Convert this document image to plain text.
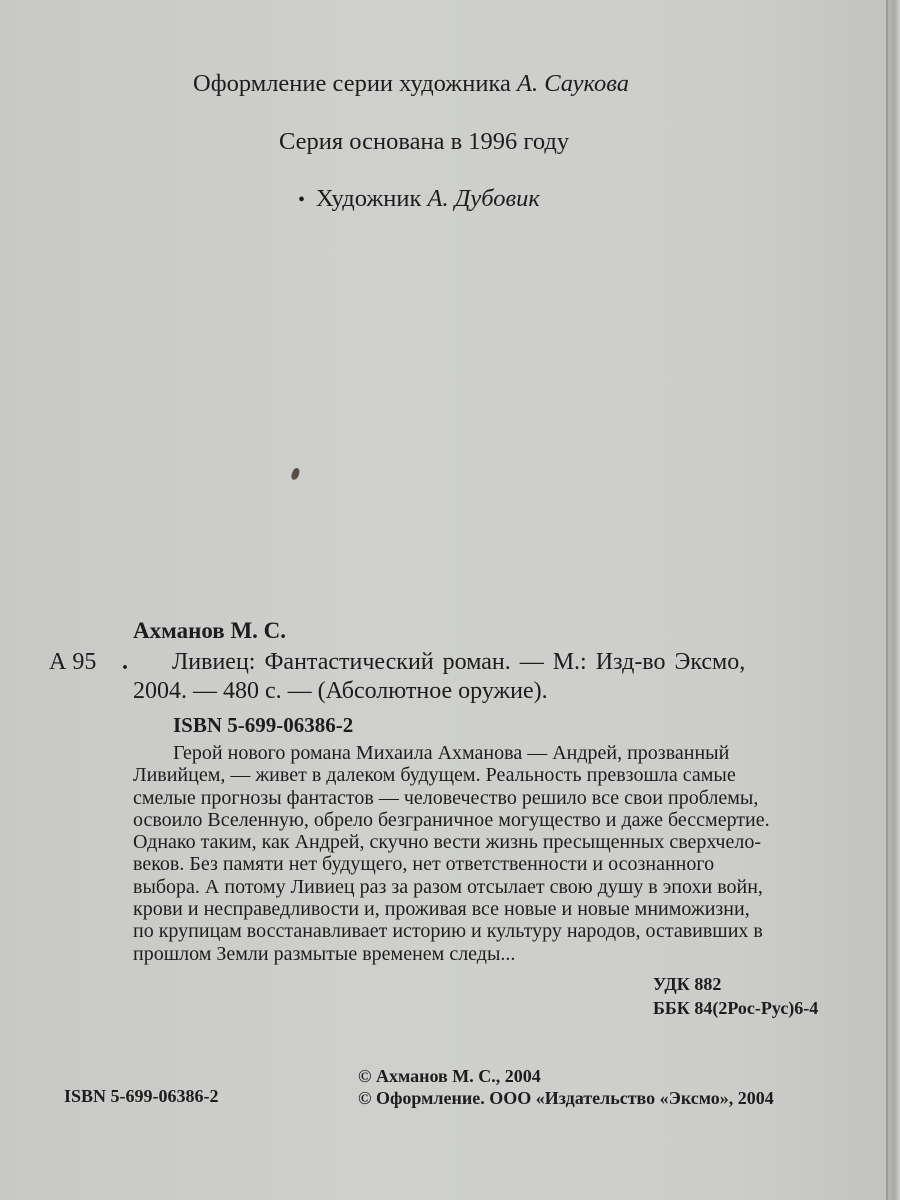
Оформление серии художника А. Саукова
Серия основана в 1996 году
• Художник А. Дубовик
Ахманов М. С.
А 95 . Ливиец: Фантастический роман. — М.: Изд-во Эксмо,
2004. — 480 с. — (Абсолютное оружие).
ISBN 5-699-06386-2
Герой нового романа Михаила Ахманова — Андрей, прозванный
Ливийцем, — живет в далеком будущем. Реальность превзошла самые
смелые прогнозы фантастов — человечество решило все свои проблемы,
освоило Вселенную, обрело безграничное могущество и даже бессмертие.
Однако таким, как Андрей, скучно вести жизнь пресыщенных сверхчело-
веков. Без памяти нет будущего, нет ответственности и осознанного
выбора. А потому Ливиец раз за разом отсылает свою душу в эпохи войн,
крови и несправедливости и, проживая все новые и новые мниможизни,
по крупицам восстанавливает историю и культуру народов, оставивших в
прошлом Земли размытые временем следы...
УДК 882
ББК 84(2Рос-Рус)6-4
ISBN 5-699-06386-2
© Ахманов М. С., 2004
© Оформление. ООО «Издательство «Эксмо», 2004
